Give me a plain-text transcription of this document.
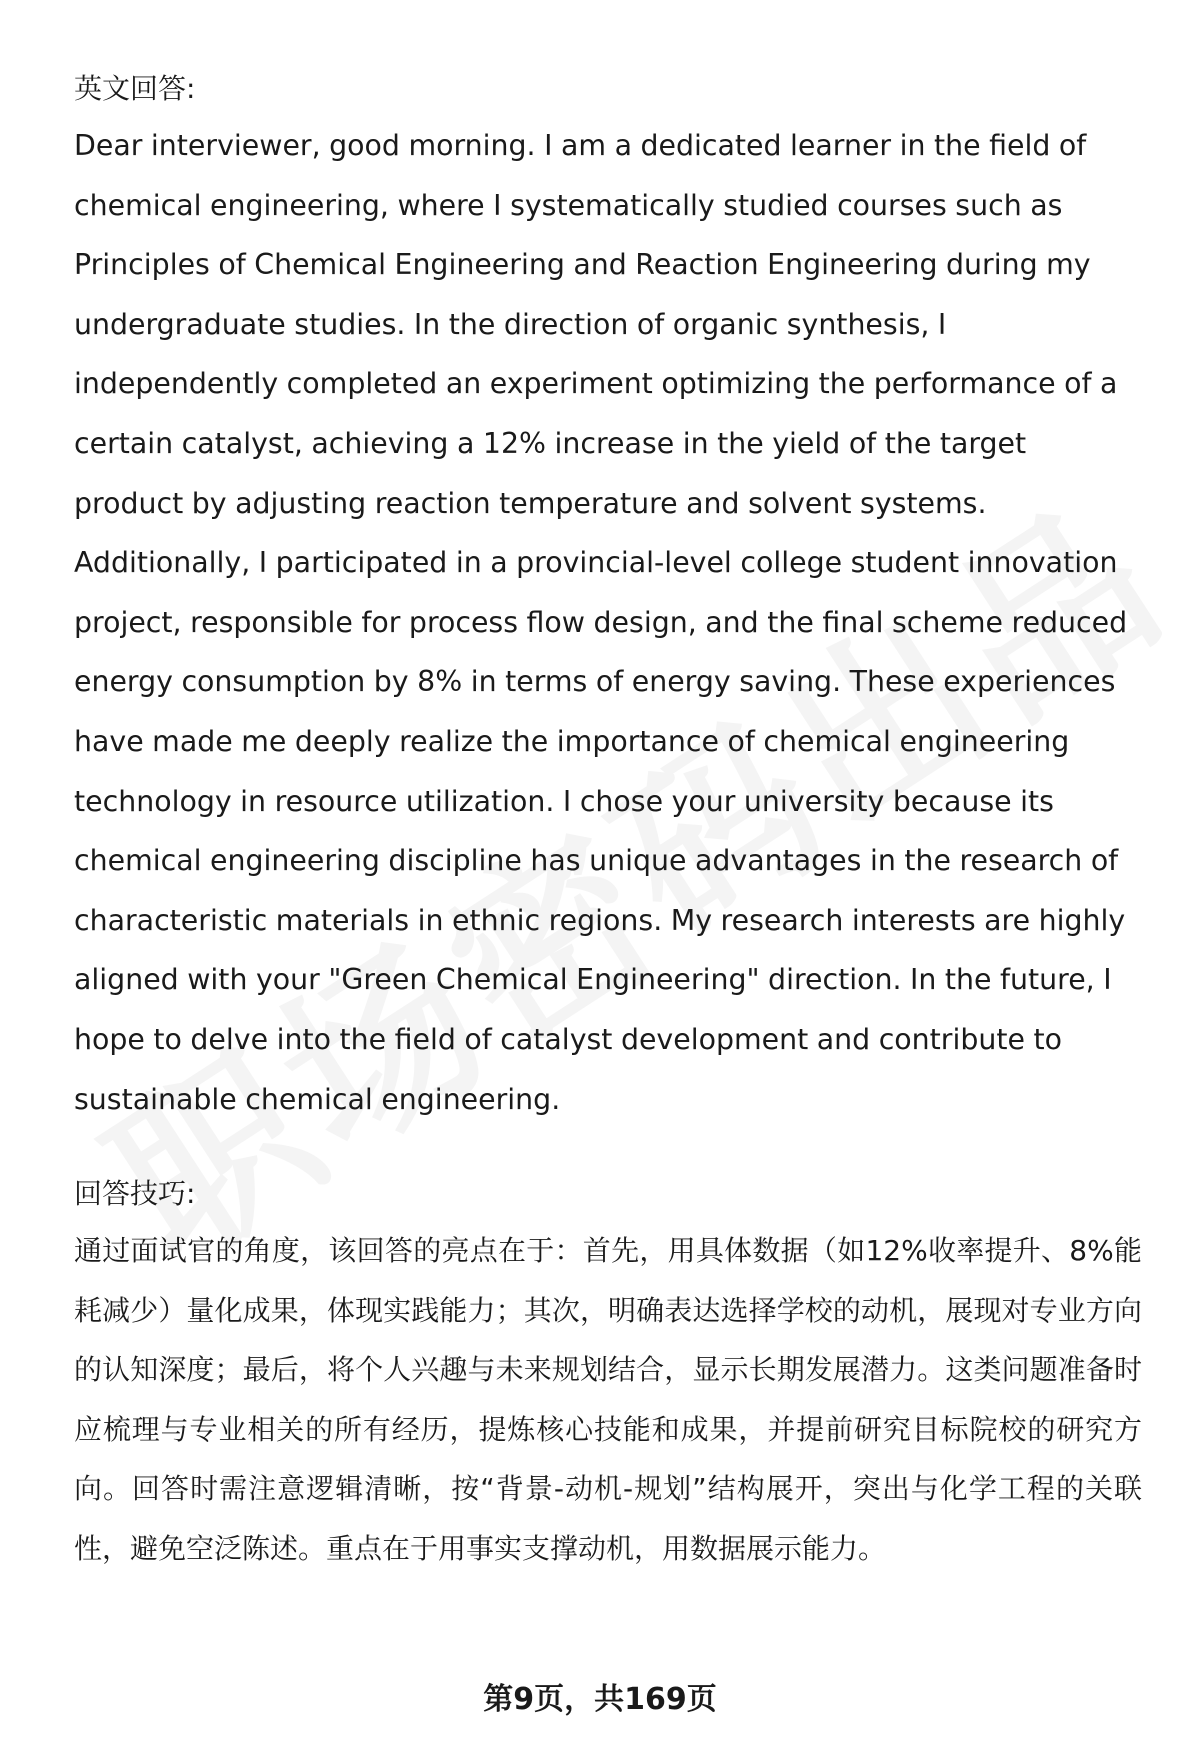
英文回答:

Dear interviewer, good morning. I am a dedicated learner in the field of chemical engineering, where I systematically studied courses such as Principles of Chemical Engineering and Reaction Engineering during my undergraduate studies. In the direction of organic synthesis, I independently completed an experiment optimizing the performance of a certain catalyst, achieving a 12% increase in the yield of the target product by adjusting reaction temperature and solvent systems. Additionally, I participated in a provincial-level college student innovation project, responsible for process flow design, and the final scheme reduced energy consumption by 8% in terms of energy saving. These experiences have made me deeply realize the importance of chemical engineering technology in resource utilization. I chose your university because its chemical engineering discipline has unique advantages in the research of characteristic materials in ethnic regions. My research interests are highly aligned with your "Green Chemical Engineering" direction. In the future, I hope to delve into the field of catalyst development and contribute to sustainable chemical engineering.

回答技巧:

通过面试官的角度，该回答的亮点在于：首先，用具体数据（如12%收率提升、8%能耗减少）量化成果，体现实践能力；其次，明确表达选择学校的动机，展现对专业方向的认知深度；最后，将个人兴趣与未来规划结合，显示长期发展潜力。这类问题准备时应梳理与专业相关的所有经历，提炼核心技能和成果，并提前研究目标院校的研究方向。回答时需注意逻辑清晰，按“背景-动机-规划”结构展开，突出与化学工程的关联性，避免空泛陈述。重点在于用事实支撑动机，用数据展示能力。

第9页，共169页
